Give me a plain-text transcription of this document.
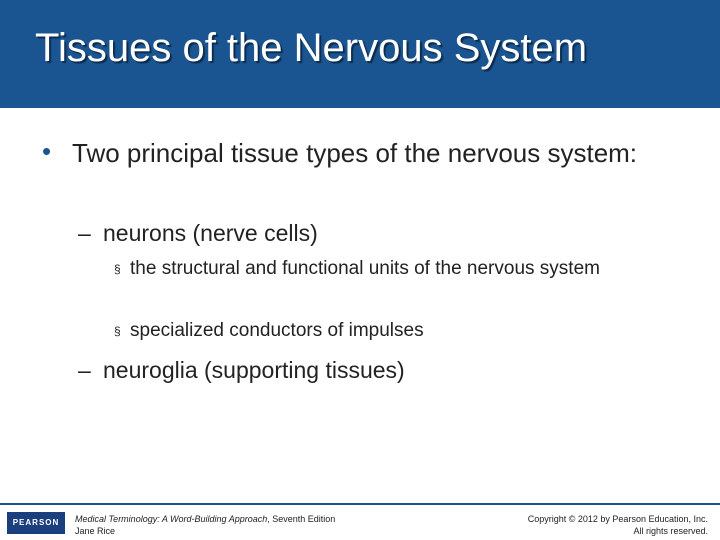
Tissues of the Nervous System
• Two principal tissue types of the nervous system:
– neurons (nerve cells)
§ the structural and functional units of the nervous system
§ specialized conductors of impulses
– neuroglia (supporting tissues)
PEARSON	Medical Terminology: A Word-Building Approach, Seventh Edition
Jane Rice
Copyright © 2012 by Pearson Education, Inc.
All rights reserved.
